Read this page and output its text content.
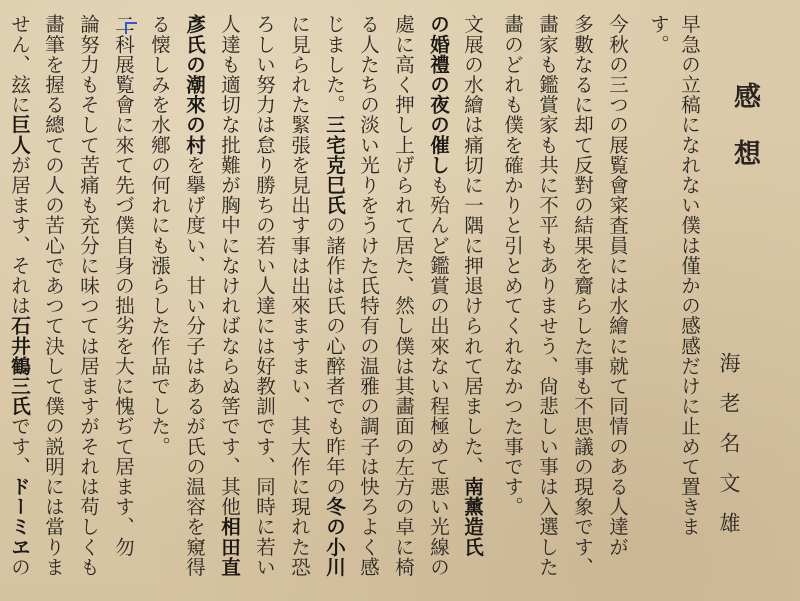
感想
海老名文雄
早急の立稿になれない僕は僅かの感感だけに止めて置きま
す。
今秋の三つの展覧會寀査員には水繪に就て同情のある人達が
多數なるに却て反對の結果を齎らした事も不思議の現象です、
畵家も鑑賞家も共に不平もありませう、尙悲しい事は入選した
畵のどれも僕を確かりと引とめてくれなかつた事です。
文展の水繪は痛切に一隅に押退けられて居ました、南薰造氏
の婚禮の夜の催しも殆んど鑑賞の出來ない程極めて悪い光線の
處に高く押し上げられて居た、然し僕は其畵面の左方の卓に椅
る人たちの淡い光りをうけた氏特有の温雅の調子は快ろよく感
じました。三宅克巳氏の諸作は氏の心醉者でも昨年の冬の小川
に見られた緊張を見出す事は出來ますまい、其大作に現れた恐
ろしい努力は怠り勝ちの若い人達には好教訓です、同時に若い
人達も適切な批難が胸中になければならぬ筈です、其他相田直
彥氏の潮來の村を擧げ度い、甘い分子はあるが氏の温容を窺得
る懐しみを水鄕の何れにも漲らした作品でした。
二科展覧會に來て先づ僕自身の拙劣を大に愧ぢて居ます、勿
論努力もそして苦痛も充分に味つては居ますがそれは苟しくも
畵筆を握る總ての人の苦心であつて決して僕の説明には當りま
せん、玆に巨人が居ます、それは石井鶴三氏です、ドーミヱの
